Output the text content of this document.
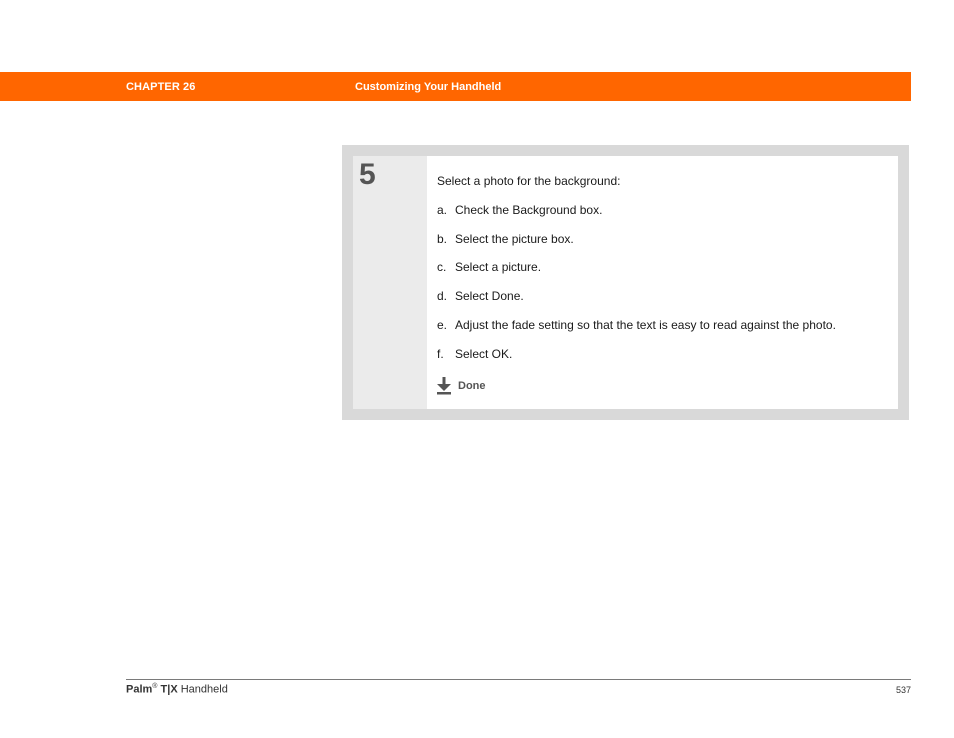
CHAPTER 26	Customizing Your Handheld
5	Select a photo for the background:
a. Check the Background box.
b. Select the picture box.
c. Select a picture.
d. Select Done.
e. Adjust the fade setting so that the text is easy to read against the photo.
f. Select OK.
Done
Palm® T|X Handheld	537
